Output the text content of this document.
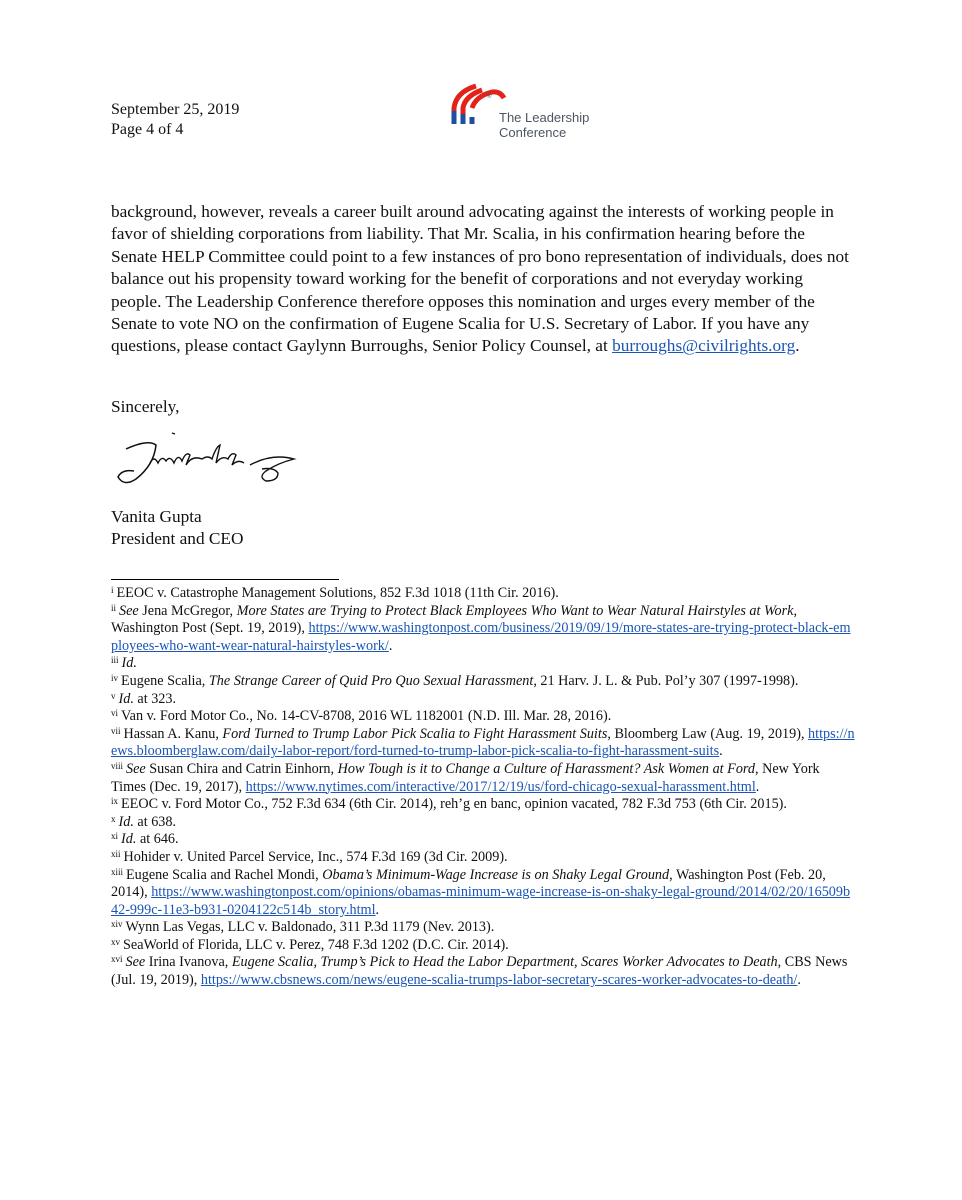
September 25, 2019
Page 4 of 4
®
The Leadership
Conference
background, however, reveals a career built around advocating against the interests of working people in favor of shielding corporations from liability. That Mr. Scalia, in his confirmation hearing before the Senate HELP Committee could point to a few instances of pro bono representation of individuals, does not balance out his propensity toward working for the benefit of corporations and not everyday working people. The Leadership Conference therefore opposes this nomination and urges every member of the Senate to vote NO on the confirmation of Eugene Scalia for U.S. Secretary of Labor. If you have any questions, please contact Gaylynn Burroughs, Senior Policy Counsel, at burroughs@civilrights.org.
Sincerely,
Vanita Gupta
President and CEO

$^i$ EEOC v. Catastrophe Management Solutions, 852 F.3d 1018 (11th Cir. 2016).

$^{ii}$ See Jena McGregor, More States are Trying to Protect Black Employees Who Want to Wear Natural Hairstyles at Work, Washington Post (Sept. 19, 2019), https://www.washingtonpost.com/business/2019/09/19/more-states-are-trying-protect-black-employees-who-want-wear-natural-hairstyles-work/.

$^{iii}$ Id.

$^{iv}$ Eugene Scalia, The Strange Career of Quid Pro Quo Sexual Harassment, 21 Harv. J. L. & Pub. Pol’y 307 (1997-1998).

$^v$ Id. at 323.

$^{vi}$ Van v. Ford Motor Co., No. 14-CV-8708, 2016 WL 1182001 (N.D. Ill. Mar. 28, 2016).

$^{vii}$ Hassan A. Kanu, Ford Turned to Trump Labor Pick Scalia to Fight Harassment Suits, Bloomberg Law (Aug. 19, 2019), https://news.bloomberglaw.com/daily-labor-report/ford-turned-to-trump-labor-pick-scalia-to-fight-harassment-suits.

$^{viii}$ See Susan Chira and Catrin Einhorn, How Tough is it to Change a Culture of Harassment? Ask Women at Ford, New York Times (Dec. 19, 2017), https://www.nytimes.com/interactive/2017/12/19/us/ford-chicago-sexual-harassment.html.

$^{ix}$ EEOC v. Ford Motor Co., 752 F.3d 634 (6th Cir. 2014), reh’g en banc, opinion vacated, 782 F.3d 753 (6th Cir. 2015).

$^x$ Id. at 638.

$^{xi}$ Id. at 646.

$^{xii}$ Hohider v. United Parcel Service, Inc., 574 F.3d 169 (3d Cir. 2009).

$^{xiii}$ Eugene Scalia and Rachel Mondi, Obama’s Minimum-Wage Increase is on Shaky Legal Ground, Washington Post (Feb. 20, 2014), https://www.washingtonpost.com/opinions/obamas-minimum-wage-increase-is-on-shaky-legal-ground/2014/02/20/16509b42-999c-11e3-b931-0204122c514b_story.html.

$^{xiv}$ Wynn Las Vegas, LLC v. Baldonado, 311 P.3d 1179 (Nev. 2013).

$^{xv}$ SeaWorld of Florida, LLC v. Perez, 748 F.3d 1202 (D.C. Cir. 2014).

$^{xvi}$ See Irina Ivanova, Eugene Scalia, Trump’s Pick to Head the Labor Department, Scares Worker Advocates to Death, CBS News (Jul. 19, 2019), https://www.cbsnews.com/news/eugene-scalia-trumps-labor-secretary-scares-worker-advocates-to-death/.
